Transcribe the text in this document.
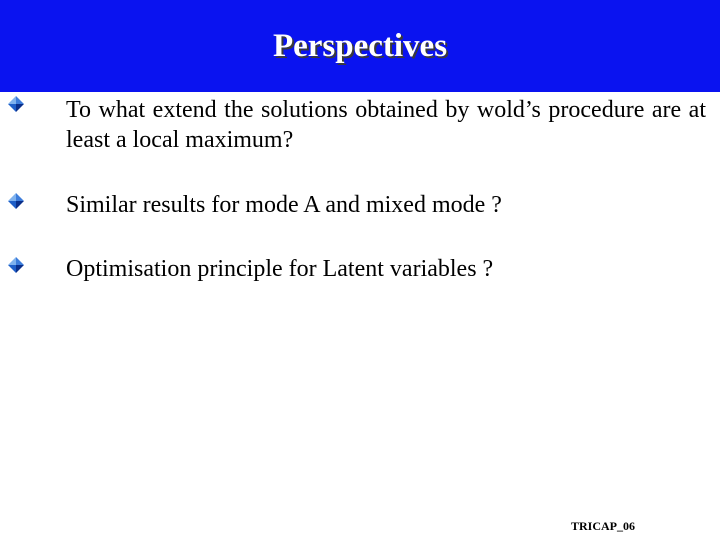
Perspectives
To what extend the solutions obtained by wold’s procedure are at least a local maximum?
Similar results for mode A and mixed mode ?
Optimisation principle for Latent variables ?
TRICAP_06
